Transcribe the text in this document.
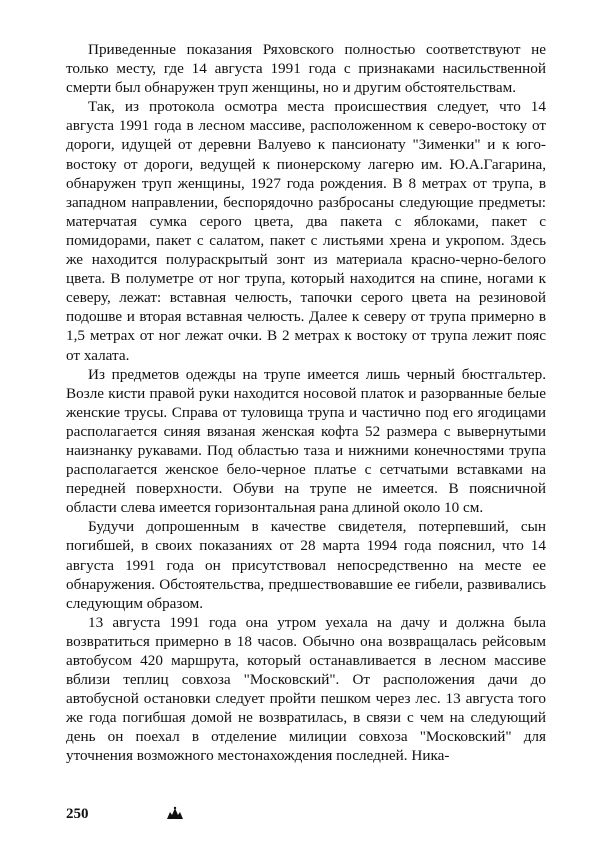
Приведенные показания Ряховского полностью соответствуют не только месту, где 14 августа 1991 года с признаками насильственной смерти был обнаружен труп женщины, но и другим обстоятельствам.

Так, из протокола осмотра места происшествия следует, что 14 августа 1991 года в лесном массиве, расположенном к северо-востоку от дороги, идущей от деревни Валуево к пансионату "Зименки" и к юго-востоку от дороги, ведущей к пионерскому лагерю им. Ю.А.Гагарина, обнаружен труп женщины, 1927 года рождения. В 8 метрах от трупа, в западном направлении, беспорядочно разбросаны следующие предметы: матерчатая сумка серого цвета, два пакета с яблоками, пакет с помидорами, пакет с салатом, пакет с листьями хрена и укропом. Здесь же находится полураскрытый зонт из материала красно-черно-белого цвета. В полуметре от ног трупа, который находится на спине, ногами к северу, лежат: вставная челюсть, тапочки серого цвета на резиновой подошве и вторая вставная челюсть. Далее к северу от трупа примерно в 1,5 метрах от ног лежат очки. В 2 метрах к востоку от трупа лежит пояс от халата.

Из предметов одежды на трупе имеется лишь черный бюстгальтер. Возле кисти правой руки находится носовой платок и разорванные белые женские трусы. Справа от туловища трупа и частично под его ягодицами располагается синяя вязаная женская кофта 52 размера с вывернутыми наизнанку рукавами. Под областью таза и нижними конечностями трупа располагается женское бело-черное платье с сетчатыми вставками на передней поверхности. Обуви на трупе не имеется. В поясничной области слева имеется горизонтальная рана длиной около 10 см.

Будучи допрошенным в качестве свидетеля, потерпевший, сын погибшей, в своих показаниях от 28 марта 1994 года пояснил, что 14 августа 1991 года он присутствовал непосредственно на месте ее обнаружения. Обстоятельства, предшествовавшие ее гибели, развивались следующим образом.

13 августа 1991 года она утром уехала на дачу и должна была возвратиться примерно в 18 часов. Обычно она возвращалась рейсовым автобусом 420 маршрута, который останавливается в лесном массиве вблизи теплиц совхоза "Московский". От расположения дачи до автобусной остановки следует пройти пешком через лес. 13 августа того же года погибшая домой не возвратилась, в связи с чем на следующий день он поехал в отделение милиции совхоза "Московский" для уточнения возможного местонахождения последней. Ника-

250
